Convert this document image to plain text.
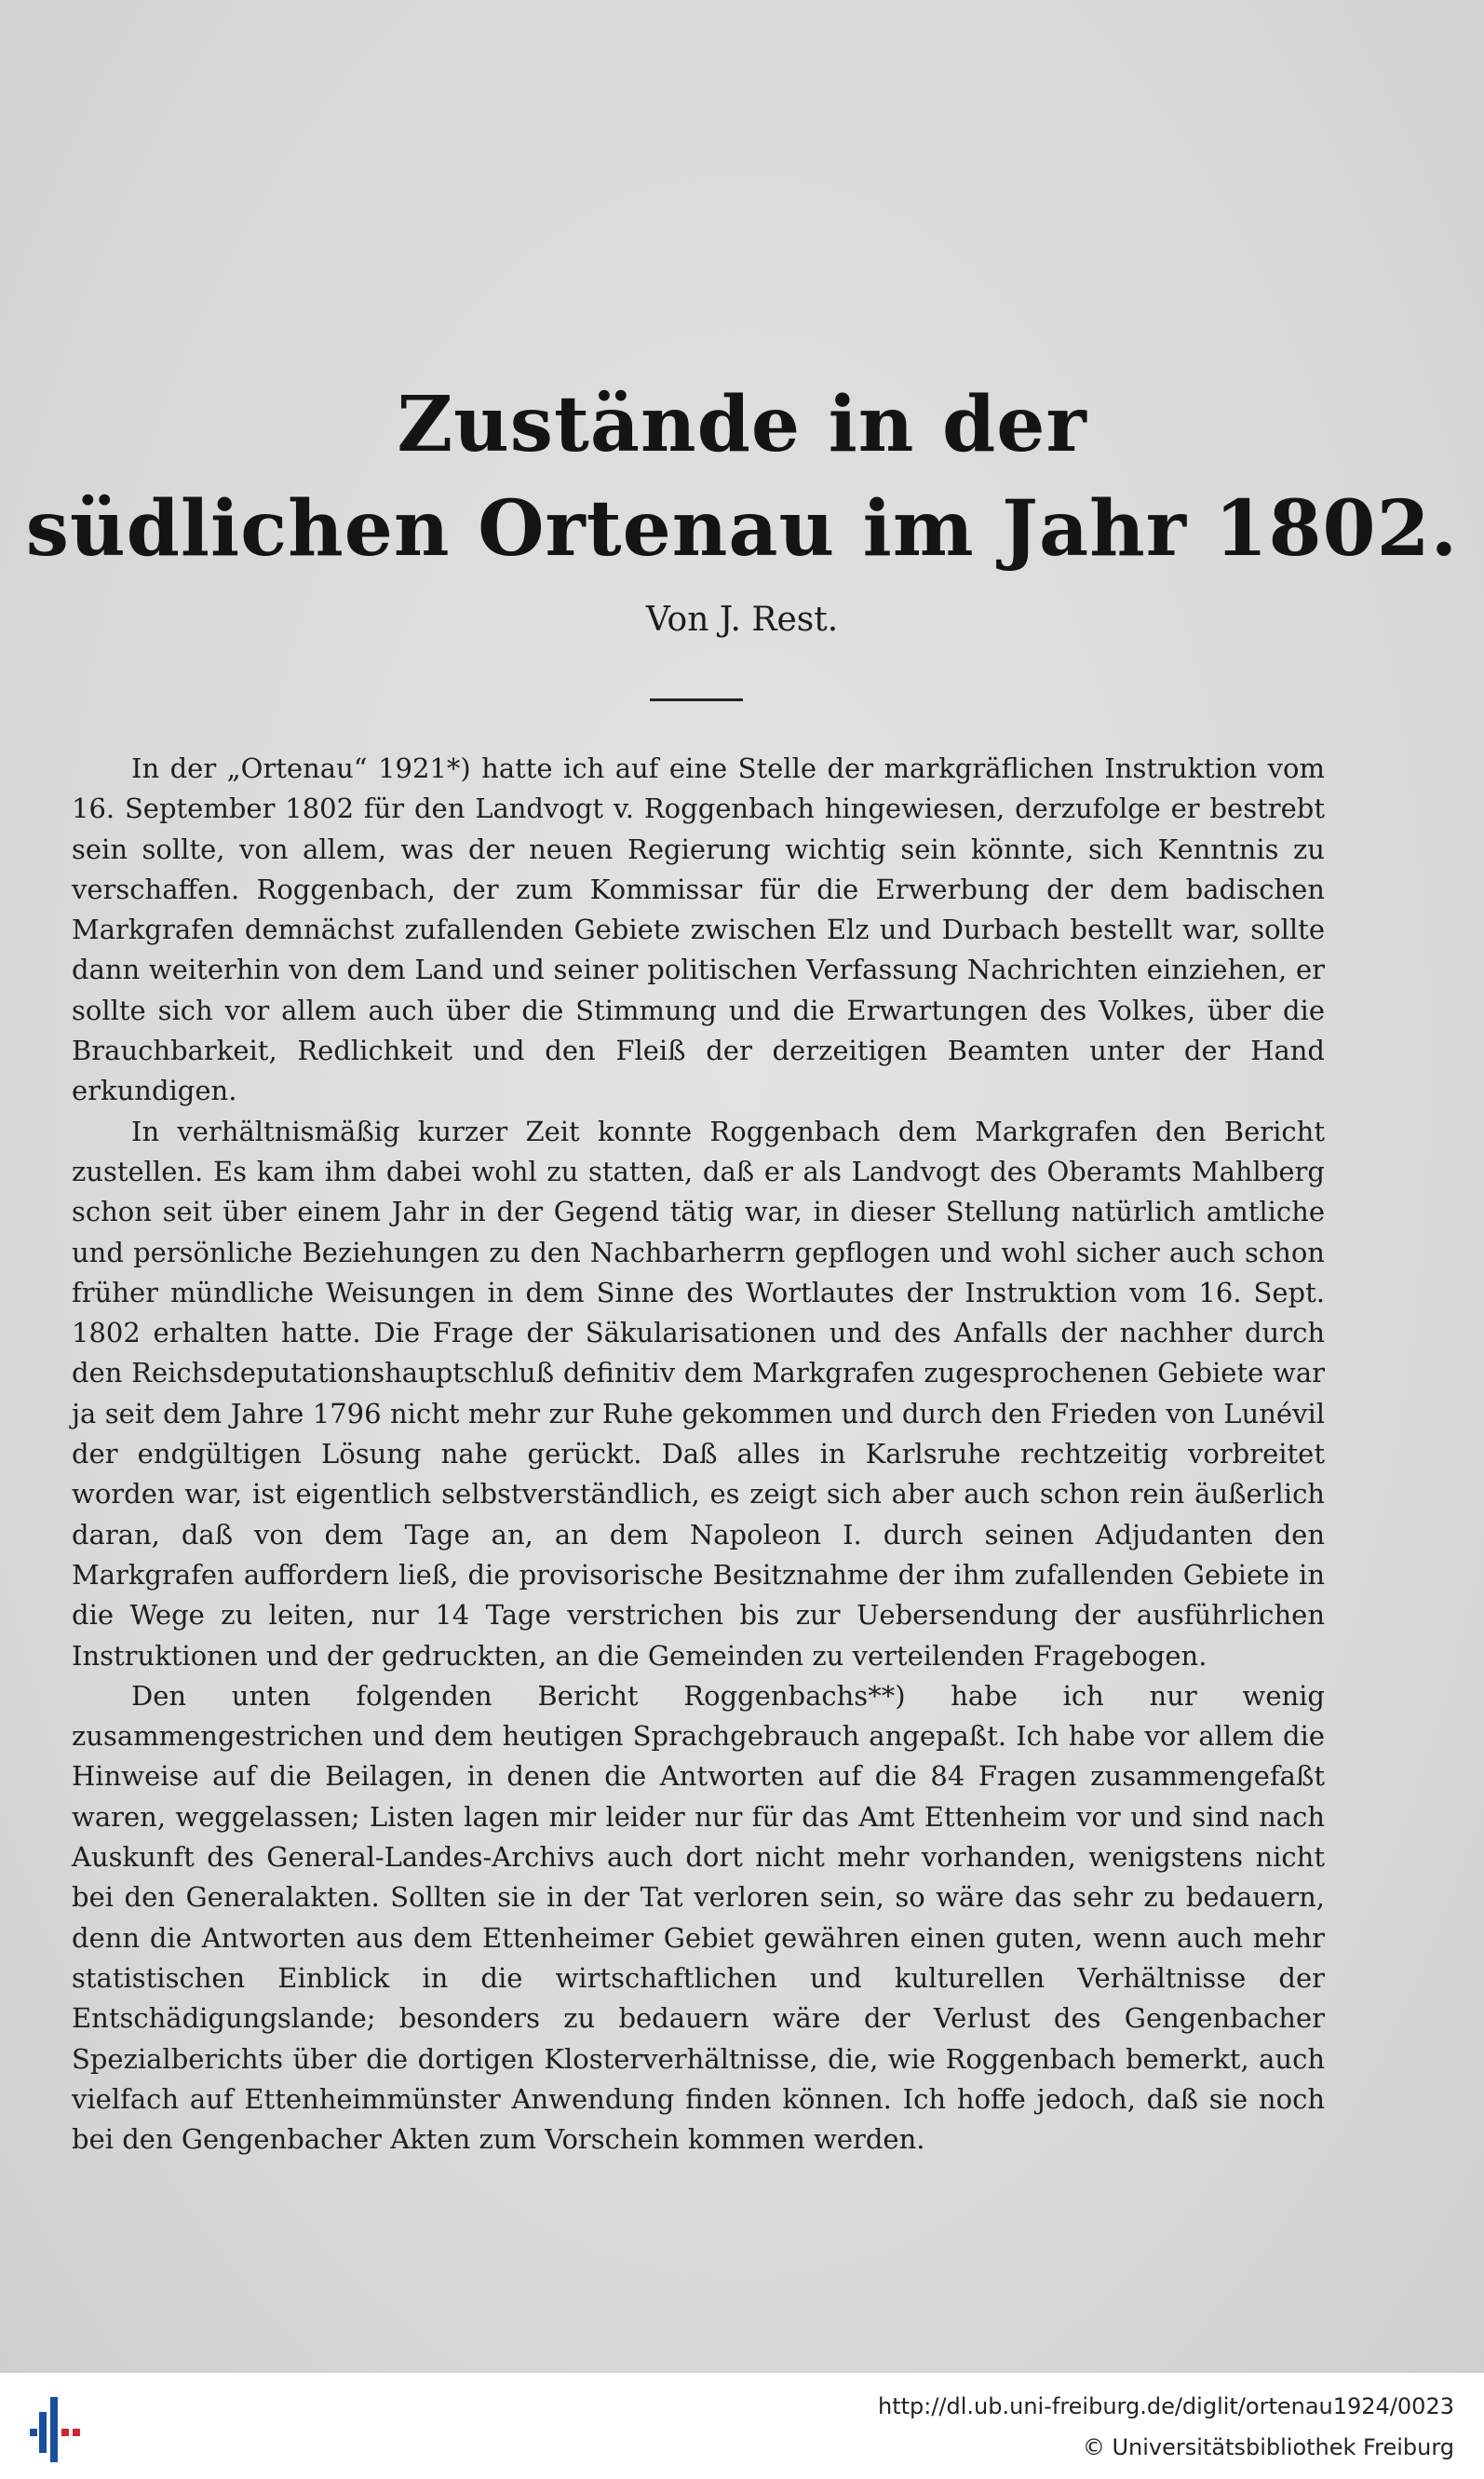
Zustände in der
südlichen Ortenau im Jahr 1802.
Von J. Rest.

In der „Ortenau“ 1921*) hatte ich auf eine Stelle der markgräflichen Instruktion vom 16. September 1802 für den Landvogt v. Roggenbach hingewiesen, derzufolge er bestrebt sein sollte, von allem, was der neuen Regierung wichtig sein könnte, sich Kenntnis zu verschaffen. Roggenbach, der zum Kommissar für die Erwerbung der dem badischen Markgrafen demnächst zufallenden Gebiete zwischen Elz und Durbach bestellt war, sollte dann weiterhin von dem Land und seiner politischen Verfassung Nachrichten einziehen, er sollte sich vor allem auch über die Stimmung und die Erwartungen des Volkes, über die Brauchbarkeit, Redlichkeit und den Fleiß der derzeitigen Beamten unter der Hand erkundigen.

In verhältnismäßig kurzer Zeit konnte Roggenbach dem Markgrafen den Bericht zustellen. Es kam ihm dabei wohl zu statten, daß er als Landvogt des Oberamts Mahlberg schon seit über einem Jahr in der Gegend tätig war, in dieser Stellung natürlich amtliche und persönliche Beziehungen zu den Nachbarherrn gepflogen und wohl sicher auch schon früher mündliche Weisungen in dem Sinne des Wortlautes der Instruktion vom 16. Sept. 1802 erhalten hatte. Die Frage der Säkularisationen und des Anfalls der nachher durch den Reichsdeputationshauptschluß definitiv dem Markgrafen zugesprochenen Gebiete war ja seit dem Jahre 1796 nicht mehr zur Ruhe gekommen und durch den Frieden von Lunévil der endgültigen Lösung nahe gerückt. Daß alles in Karlsruhe rechtzeitig vorbreitet worden war, ist eigentlich selbstverständlich, es zeigt sich aber auch schon rein äußerlich daran, daß von dem Tage an, an dem Napoleon I. durch seinen Adjudanten den Markgrafen auffordern ließ, die provisorische Besitznahme der ihm zufallenden Gebiete in die Wege zu leiten, nur 14 Tage verstrichen bis zur Uebersendung der ausführlichen Instruktionen und der gedruckten, an die Gemeinden zu verteilenden Fragebogen.

Den unten folgenden Bericht Roggenbachs**) habe ich nur wenig zusammengestrichen und dem heutigen Sprachgebrauch angepaßt. Ich habe vor allem die Hinweise auf die Beilagen, in denen die Antworten auf die 84 Fragen zusammengefaßt waren, weggelassen; Listen lagen mir leider nur für das Amt Ettenheim vor und sind nach Auskunft des General-Landes-Archivs auch dort nicht mehr vorhanden, wenigstens nicht bei den Generalakten. Sollten sie in der Tat verloren sein, so wäre das sehr zu bedauern, denn die Antworten aus dem Ettenheimer Gebiet gewähren einen guten, wenn auch mehr statistischen Einblick in die wirtschaftlichen und kulturellen Verhältnisse der Entschädigungslande; besonders zu bedauern wäre der Verlust des Gengenbacher Spezialberichts über die dortigen Klosterverhältnisse, die, wie Roggenbach bemerkt, auch vielfach auf Ettenheimmünster Anwendung finden können. Ich hoffe jedoch, daß sie noch bei den Gengenbacher Akten zum Vorschein kommen werden.

http://dl.ub.uni-freiburg.de/diglit/ortenau1924/0023
© Universitätsbibliothek Freiburg
